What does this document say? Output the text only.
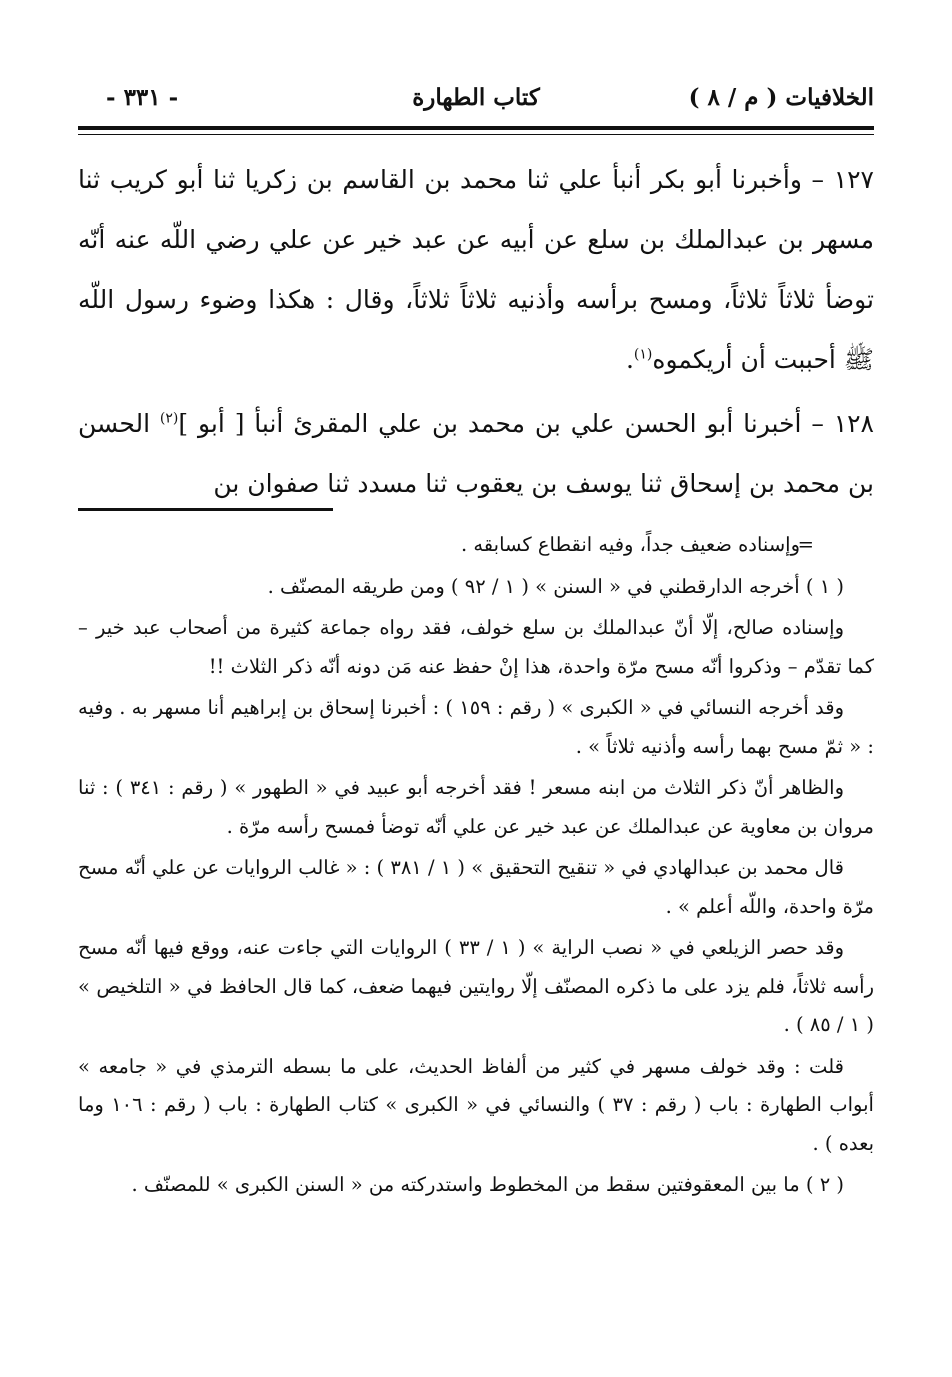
الخلافيات ( م / ٨ )
كتاب الطهارة
- ٣٣١ -

١٢٧ – وأخبرنا أبو بكر أنبأ علي ثنا محمد بن القاسم بن زكريا ثنا أبو كريب ثنا مسهر بن عبدالملك بن سلع عن أبيه عن عبد خير عن علي رضي اللّه عنه أنّه توضأ ثلاثاً ثلاثاً، ومسح برأسه وأذنيه ثلاثاً ثلاثاً، وقال : هكذا وضوء رسول اللّه ﷺ أحببت أن أريكموه$^{(١)}$.

١٢٨ – أخبرنا أبو الحسن علي بن محمد بن علي المقرئ أنبأ [ أبو ]$^{(٢)}$ الحسن بن محمد بن إسحاق ثنا يوسف بن يعقوب ثنا مسدد ثنا صفوان بن

=وإسناده ضعيف جداً، وفيه انقطاع كسابقه .

( ١ ) أخرجه الدارقطني في « السنن » ( ١ / ٩٢ ) ومن طريقه المصنّف .

وإسناده صالح، إلّا أنّ عبدالملك بن سلع خولف، فقد رواه جماعة كثيرة من أصحاب عبد خير – كما تقدّم – وذكروا أنّه مسح مرّة واحدة، هذا إنْ حفظ عنه مَن دونه أنّه ذكر الثلاث !!

وقد أخرجه النسائي في « الكبرى » ( رقم : ١٥٩ ) : أخبرنا إسحاق بن إبراهيم أنا مسهر به . وفيه : « ثمّ مسح بهما رأسه وأذنيه ثلاثاً » .

والظاهر أنّ ذكر الثلاث من ابنه مسعر ! فقد أخرجه أبو عبيد في « الطهور » ( رقم : ٣٤١ ) : ثنا مروان بن معاوية عن عبدالملك عن عبد خير عن علي أنّه توضأ فمسح رأسه مرّة .

قال محمد بن عبدالهادي في « تنقيح التحقيق » ( ١ / ٣٨١ ) : « غالب الروايات عن علي أنّه مسح مرّة واحدة، واللّه أعلم » .

وقد حصر الزيلعي في « نصب الراية » ( ١ / ٣٣ ) الروايات التي جاءت عنه، ووقع فيها أنّه مسح رأسه ثلاثاً، فلم يزد على ما ذكره المصنّف إلّا روايتين فيهما ضعف، كما قال الحافظ في « التلخيص » ( ١ / ٨٥ ) .

قلت : وقد خولف مسهر في كثير من ألفاظ الحديث، على ما بسطه الترمذي في « جامعه » أبواب الطهارة : باب ( رقم : ٣٧ ) والنسائي في « الكبرى » كتاب الطهارة : باب ( رقم : ١٠٦ وما بعده ) .

( ٢ ) ما بين المعقوفتين سقط من المخطوط واستدركته من « السنن الكبرى » للمصنّف .
